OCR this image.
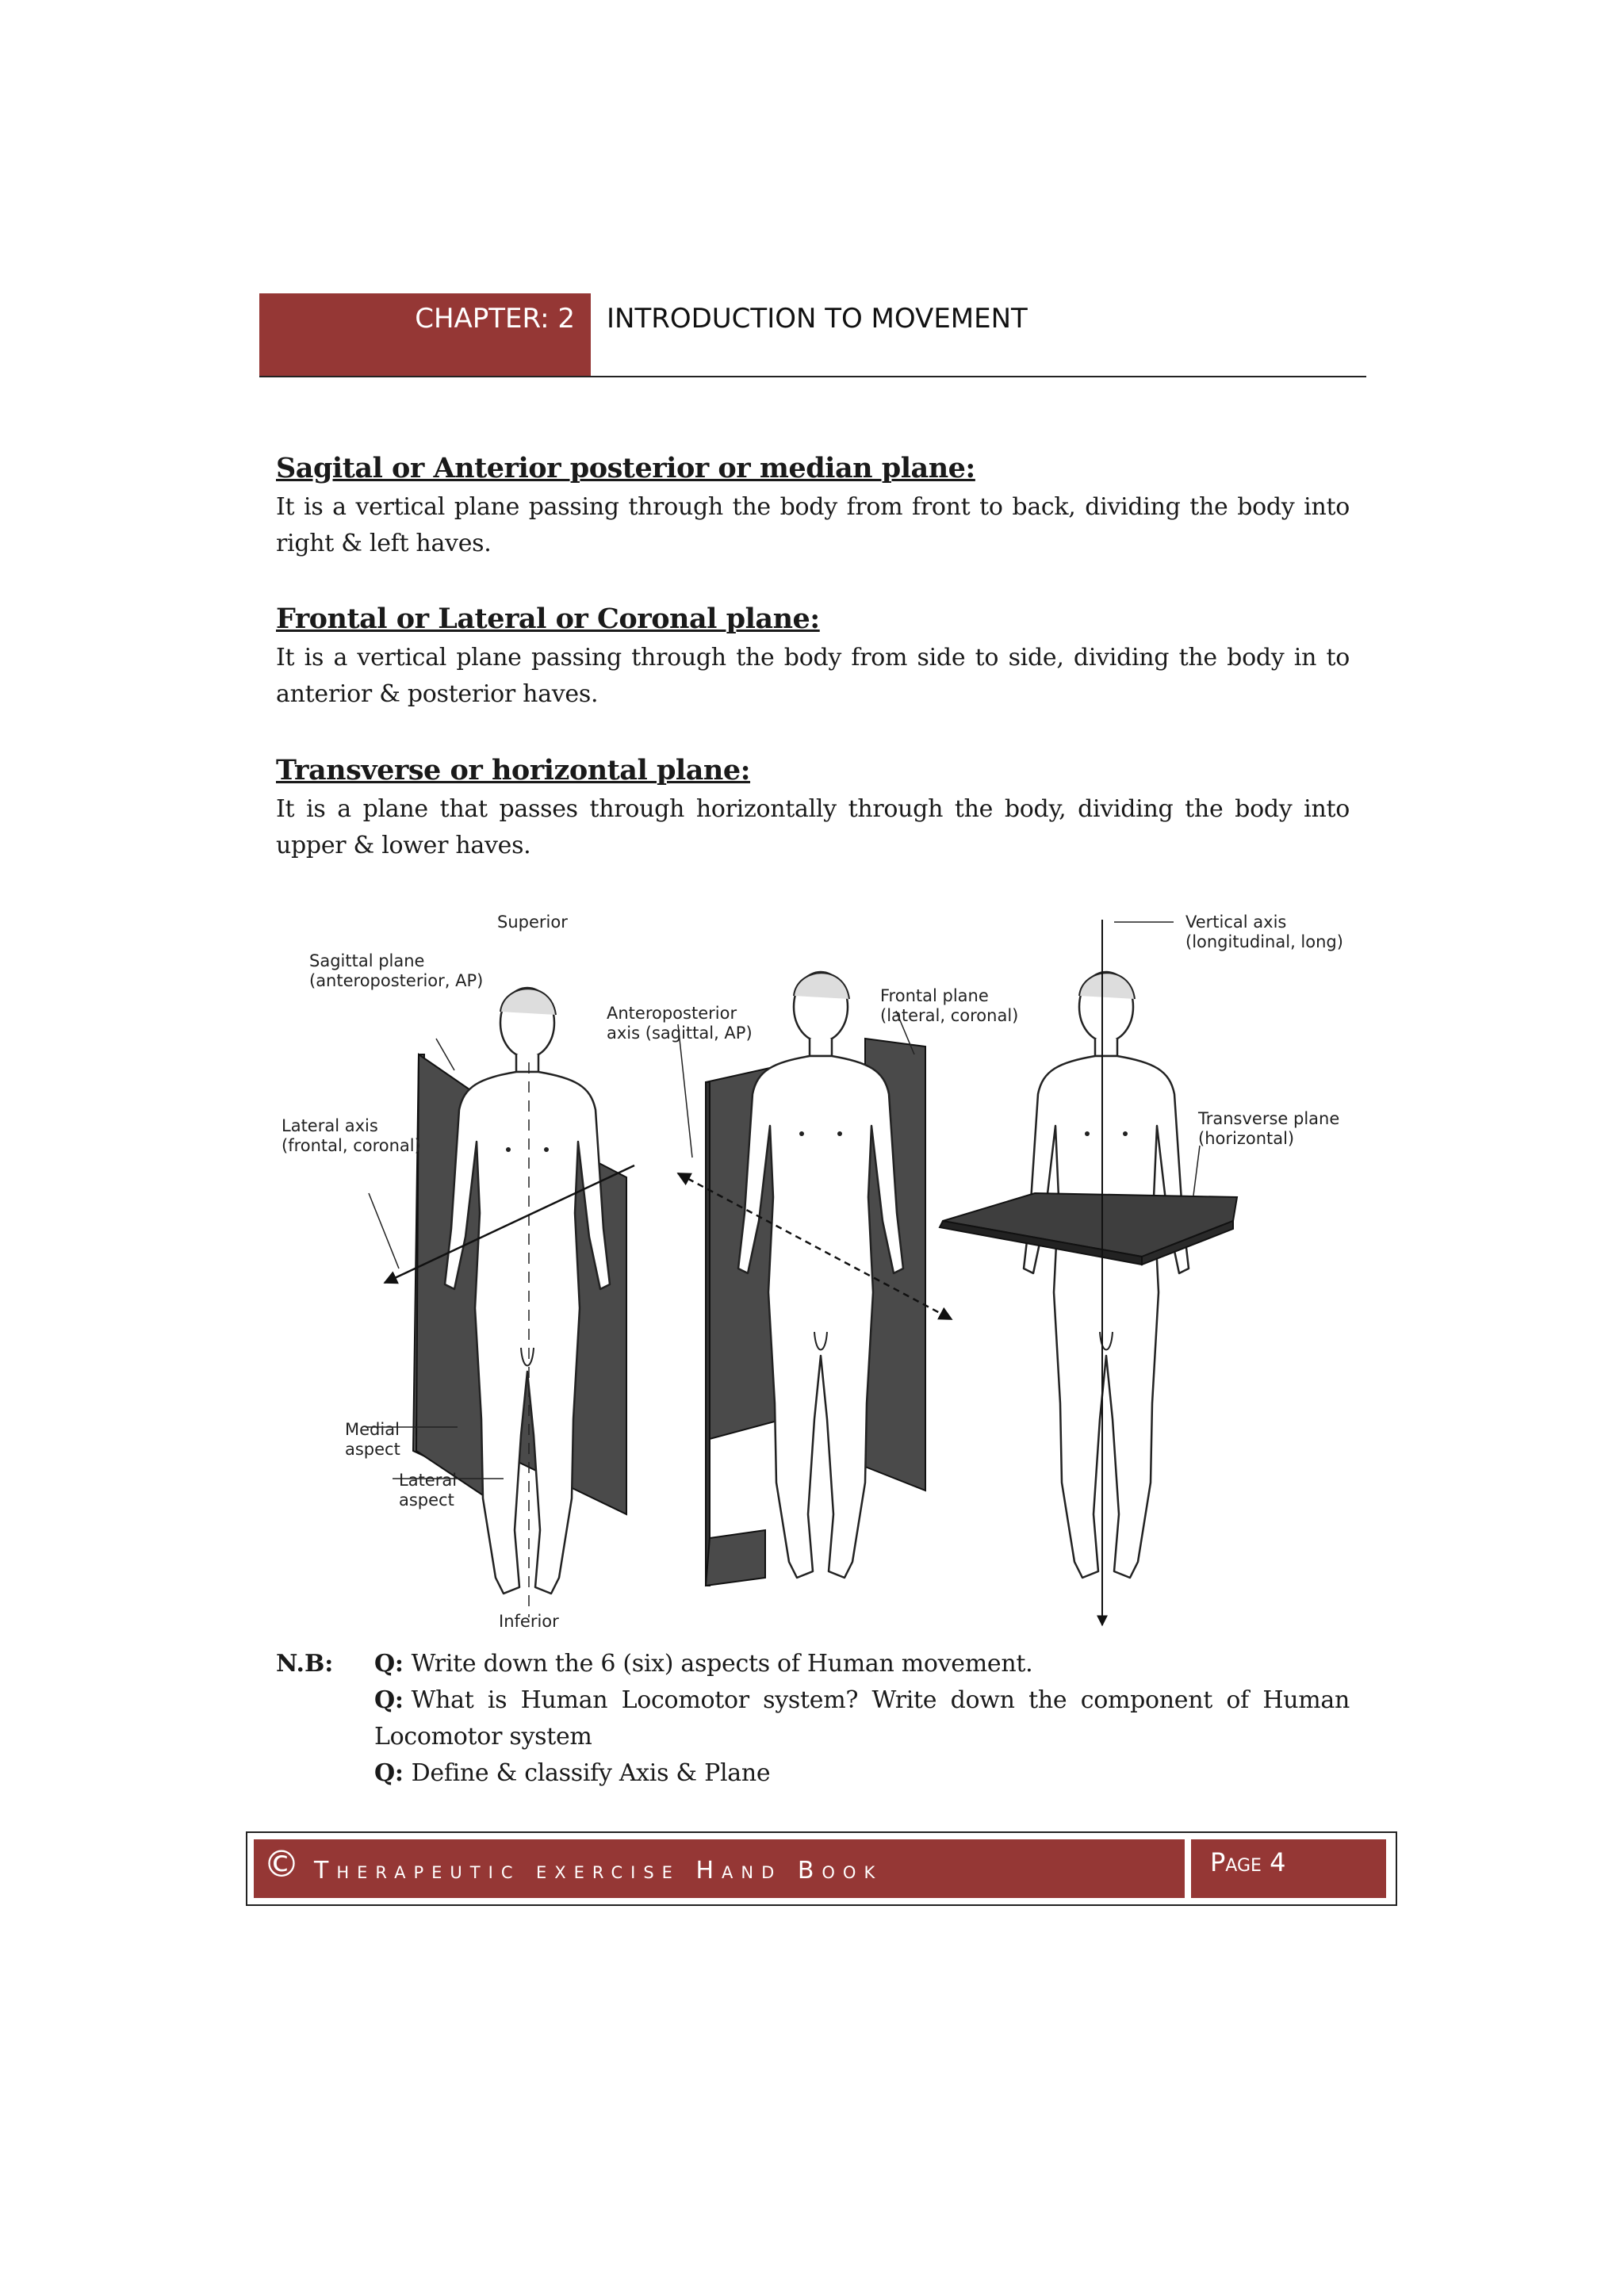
CHAPTER: 2	INTRODUCTION TO MOVEMENT
Sagital or Anterior posterior or median plane:

It is a vertical plane passing through the body from front to back, dividing the body into right & left haves.

Frontal or Lateral or Coronal plane:

It is a vertical plane passing through the body from side to side, dividing the body in to anterior & posterior haves.

Transverse or horizontal plane:

It is a plane that passes through horizontally through the body, dividing the body into upper & lower haves.

Superior
Sagittal plane
(anteroposterior, AP)
Lateral axis
(frontal, coronal)
Medial
aspect
Lateral
aspect
Inferior
Anteroposterior
axis (sagittal, AP)
Frontal plane
(lateral, coronal)
Vertical axis
(longitudinal, long)
Transverse plane
(horizontal)
N.B: Q: Write down the 6 (six) aspects of Human movement.
Q: What is Human Locomotor system? Write down the component of Human Locomotor system
Q: Define & classify Axis & Plane
© Therapeutic exercise Hand Book	Page 4
